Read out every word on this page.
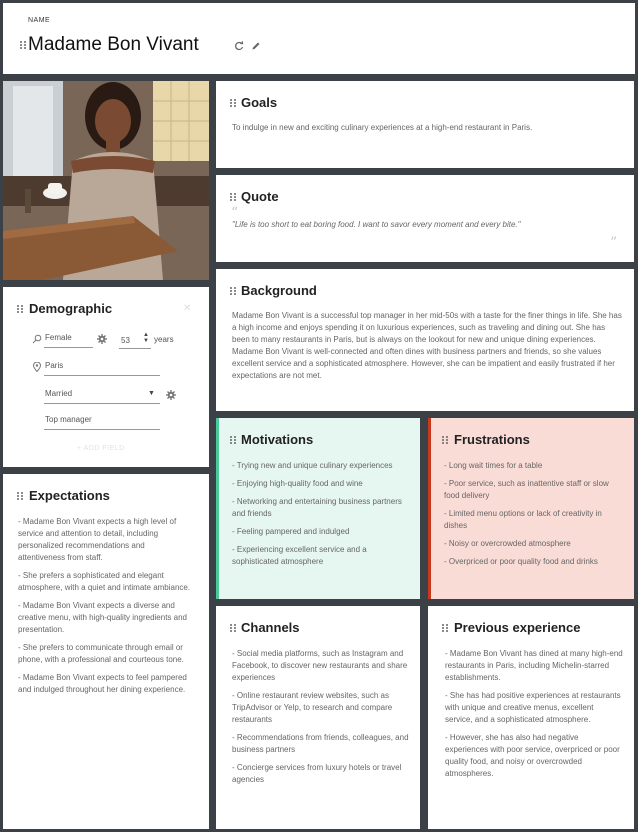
NAME
Madame Bon Vivant
Goals
To indulge in new and exciting culinary experiences at a high-end restaurant in Paris.
Quote
“
"Life is too short to eat boring food. I want to savor every moment and every bite."
”
Background
Madame Bon Vivant is a successful top manager in her mid-50s with a taste for the finer things in life. She has a high income and enjoys spending it on luxurious experiences, such as traveling and dining out. She has been to many restaurants in Paris, but is always on the lookout for new and unique dining experiences. Madame Bon Vivant is well-connected and often dines with business partners and friends, so she values excellent service and a sophisticated atmosphere. However, she can be impatient and easily frustrated if her expectations are not met.
Demographic	✕
Female	53
▲
▼ years
Paris
Married	▼
Top manager
+ ADD FIELD
Expectations
- Madame Bon Vivant expects a high level of service and attention to detail, including personalized recommendations and attentiveness from staff.
- She prefers a sophisticated and elegant atmosphere, with a quiet and intimate ambiance.
- Madame Bon Vivant expects a diverse and creative menu, with high-quality ingredients and presentation.
- She prefers to communicate through email or phone, with a professional and courteous tone.
- Madame Bon Vivant expects to feel pampered and indulged throughout her dining experience.
Motivations
- Trying new and unique culinary experiences
- Enjoying high-quality food and wine
- Networking and entertaining business partners and friends
- Feeling pampered and indulged
- Experiencing excellent service and a sophisticated atmosphere
Frustrations
- Long wait times for a table
- Poor service, such as inattentive staff or slow food delivery
- Limited menu options or lack of creativity in dishes
- Noisy or overcrowded atmosphere
- Overpriced or poor quality food and drinks
Channels
- Social media platforms, such as Instagram and Facebook, to discover new restaurants and share experiences
- Online restaurant review websites, such as TripAdvisor or Yelp, to research and compare restaurants
- Recommendations from friends, colleagues, and business partners
- Concierge services from luxury hotels or travel agencies
Previous experience
- Madame Bon Vivant has dined at many high-end restaurants in Paris, including Michelin-starred establishments.
- She has had positive experiences at restaurants with unique and creative menus, excellent service, and a sophisticated atmosphere.
- However, she has also had negative experiences with poor service, overpriced or poor quality food, and noisy or overcrowded atmospheres.
